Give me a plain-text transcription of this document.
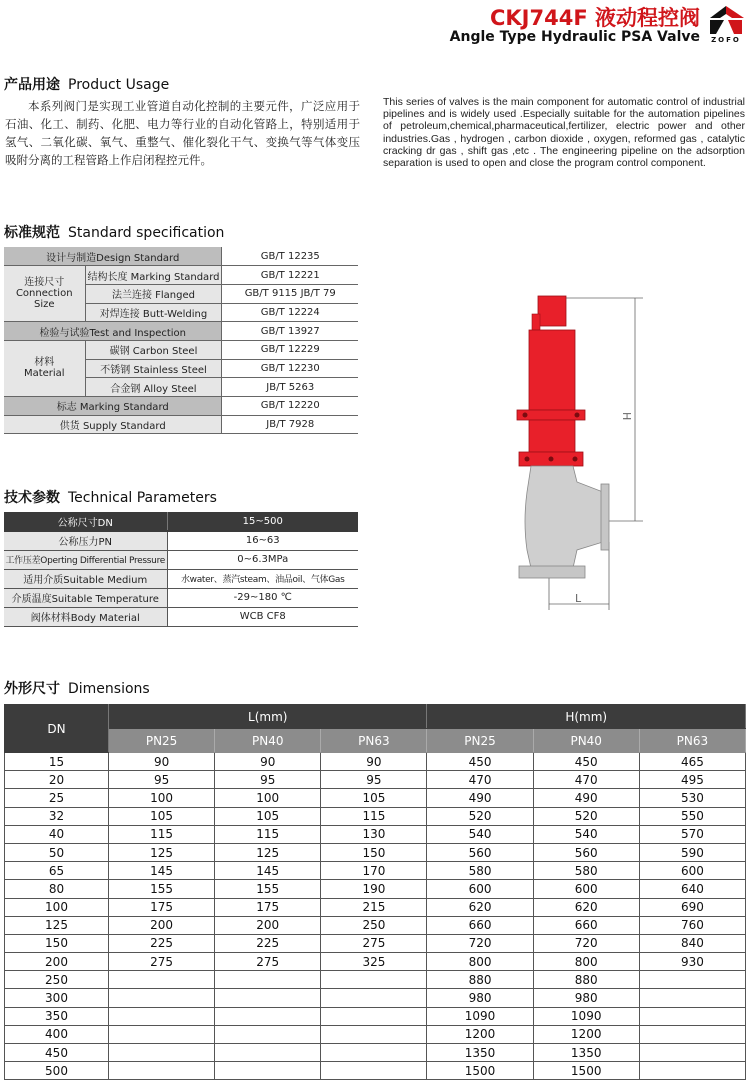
CKJ744F 液动程控阀
Angle Type Hydraulic PSA Valve	ZOFO
产品用途 Product Usage
本系列阀门是实现工业管道自动化控制的主要元件，广泛应用于石油、化工、制药、化肥、电力等行业的自动化管路上，特别适用于氢气、二氧化碳、氧气、重整气、催化裂化干气、变换气等气体变压吸附分离的工程管路上作启闭程控元件。
This series of valves is the main component for automatic control of industrial pipelines and is widely used .Especially suitable for the automation pipelines of petroleum,chemical,pharmaceutical,fertilizer, electric power and other industries.Gas , hydrogen , carbon dioxide , oxygen, reformed gas , catalytic cracking dr gas , shift gas ,etc . The engineering pipeline on the adsorption separation is used to open and close the program control component.
标准规范 Standard specification
设计与制造Design Standard		GB/T 12235

连接尺寸
Connection Size	结构长度 Marking Standard	GB/T 12221
	法兰连接 Flanged	GB/T 9115 JB/T 79
	对焊连接 Butt-Welding	GB/T 12224
检验与试验Test and Inspection		GB/T 13927

材料
Material	碳钢 Carbon Steel	GB/T 12229
	不锈钢 Stainless Steel	GB/T 12230
	合金钢 Alloy Steel	JB/T 5263
标志 Marking Standard		GB/T 12220
供货 Supply Standard		JB/T 7928
技术参数 Technical Parameters
公称尺寸DN	15~500
公称压力PN	16~63
工作压差Operting Differential Pressure	0~6.3MPa
适用介质Suitable Medium	水water、蒸汽steam、油品oil、气体Gas
介质温度Suitable Temperature	-29~180 ℃
阀体材料Body Material	WCB CF8
H
L
外形尺寸 Dimensions
DN	L(mm)			H(mm)		
	PN25	PN40	PN63	PN25	PN40	PN63
15	90	90	90	450	450	465
20	95	95	95	470	470	495
25	100	100	105	490	490	530
32	105	105	115	520	520	550
40	115	115	130	540	540	570
50	125	125	150	560	560	590
65	145	145	170	580	580	600
80	155	155	190	600	600	640
100	175	175	215	620	620	690
125	200	200	250	660	660	760
150	225	225	275	720	720	840
200	275	275	325	800	800	930
250				880	880	
300				980	980	
350				1090	1090	
400				1200	1200	
450				1350	1350	
500				1500	1500	
